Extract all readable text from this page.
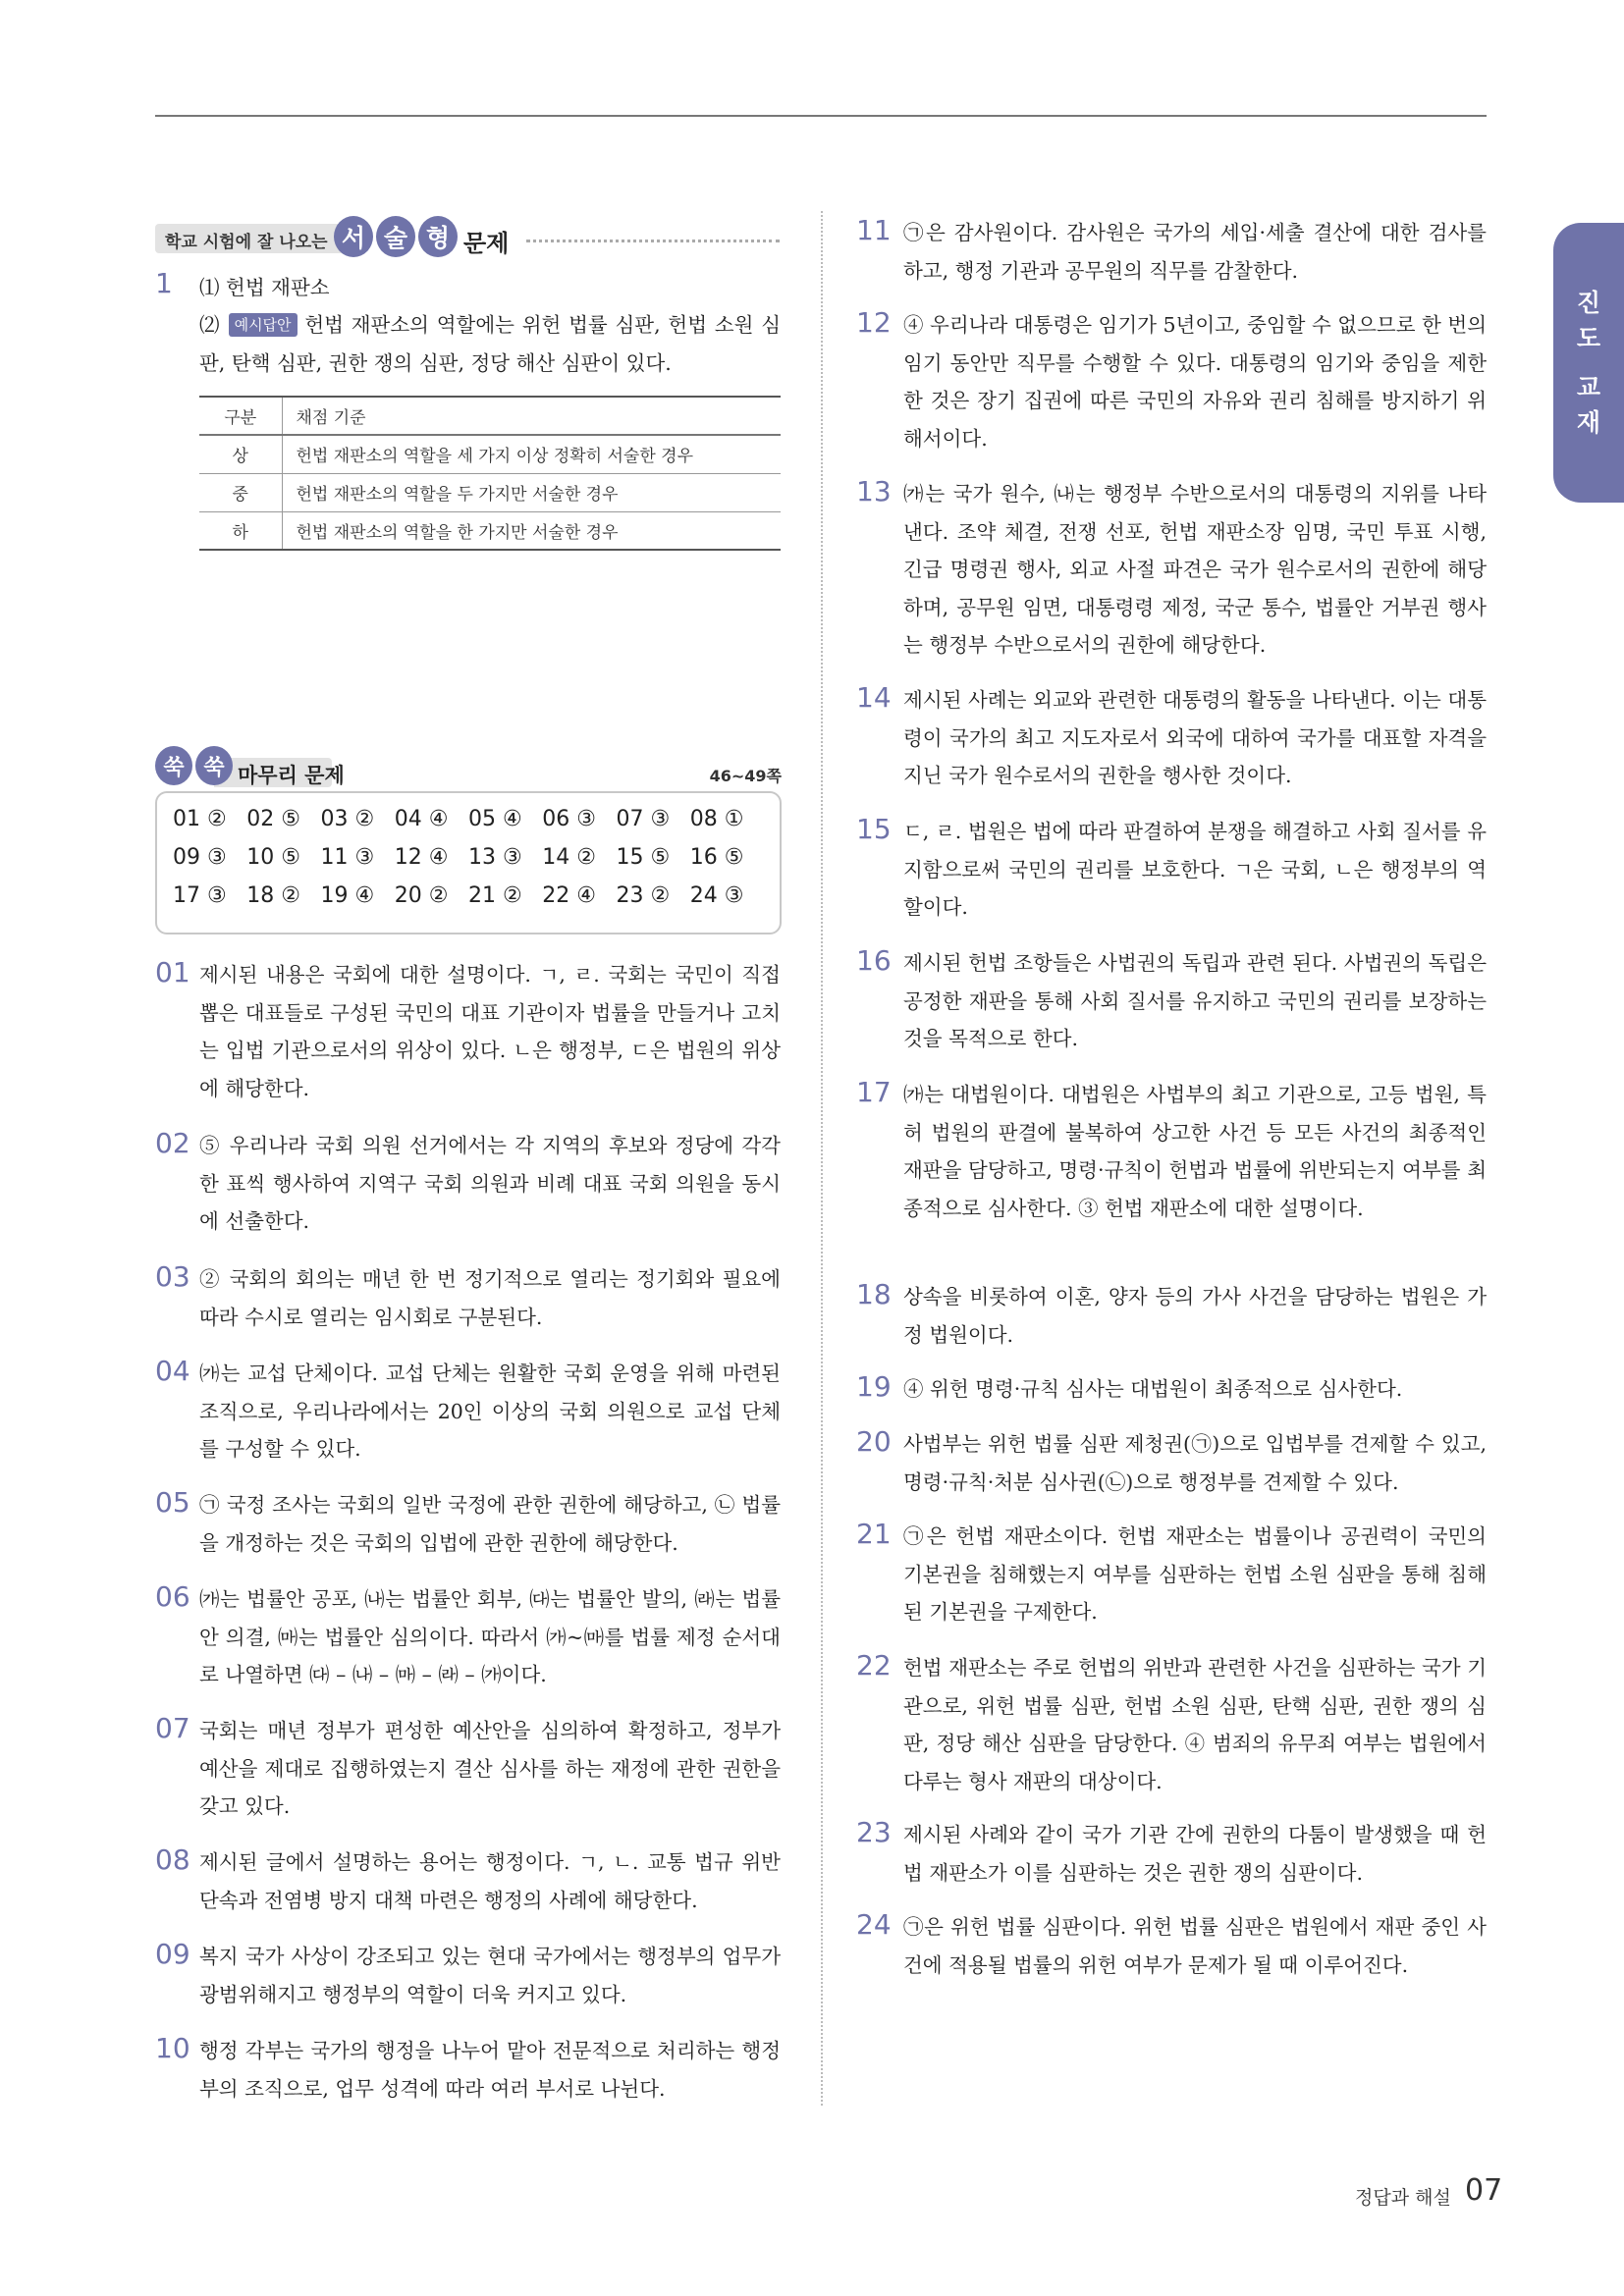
진
도
교
재
학교 시험에 잘 나오는 서 술 형 문제
1 ⑴ 헌법 재판소
⑵ 예시답안 헌법 재판소의 역할에는 위헌 법률 심판, 헌법 소원 심판, 탄핵 심판, 권한 쟁의 심판, 정당 해산 심판이 있다.
구분	채점 기준
상	헌법 재판소의 역할을 세 가지 이상 정확히 서술한 경우
중	헌법 재판소의 역할을 두 가지만 서술한 경우
하	헌법 재판소의 역할을 한 가지만 서술한 경우
쑥 쑥 마무리 문제	46~49쪽
01 ② 02 ⑤ 03 ② 04 ④ 05 ④ 06 ③ 07 ③ 08 ①
09 ③ 10 ⑤ 11 ③ 12 ④ 13 ③ 14 ② 15 ⑤ 16 ⑤
17 ③ 18 ② 19 ④ 20 ② 21 ② 22 ④ 23 ② 24 ③
01 제시된 내용은 국회에 대한 설명이다. ㄱ, ㄹ. 국회는 국민이 직접 뽑은 대표들로 구성된 국민의 대표 기관이자 법률을 만들거나 고치는 입법 기관으로서의 위상이 있다. ㄴ은 행정부, ㄷ은 법원의 위상에 해당한다.
02 ⑤ 우리나라 국회 의원 선거에서는 각 지역의 후보와 정당에 각각 한 표씩 행사하여 지역구 국회 의원과 비례 대표 국회 의원을 동시에 선출한다.
03 ② 국회의 회의는 매년 한 번 정기적으로 열리는 정기회와 필요에 따라 수시로 열리는 임시회로 구분된다.
04 ㈎는 교섭 단체이다. 교섭 단체는 원활한 국회 운영을 위해 마련된 조직으로, 우리나라에서는 20인 이상의 국회 의원으로 교섭 단체를 구성할 수 있다.
05 ㉠ 국정 조사는 국회의 일반 국정에 관한 권한에 해당하고, ㉡ 법률을 개정하는 것은 국회의 입법에 관한 권한에 해당한다.
06 ㈎는 법률안 공포, ㈏는 법률안 회부, ㈐는 법률안 발의, ㈑는 법률안 의결, ㈒는 법률안 심의이다. 따라서 ㈎~㈒를 법률 제정 순서대로 나열하면 ㈐ – ㈏ – ㈒ – ㈑ – ㈎이다.
07 국회는 매년 정부가 편성한 예산안을 심의하여 확정하고, 정부가 예산을 제대로 집행하였는지 결산 심사를 하는 재정에 관한 권한을 갖고 있다.
08 제시된 글에서 설명하는 용어는 행정이다. ㄱ, ㄴ. 교통 법규 위반 단속과 전염병 방지 대책 마련은 행정의 사례에 해당한다.
09 복지 국가 사상이 강조되고 있는 현대 국가에서는 행정부의 업무가 광범위해지고 행정부의 역할이 더욱 커지고 있다.
10 행정 각부는 국가의 행정을 나누어 맡아 전문적으로 처리하는 행정부의 조직으로, 업무 성격에 따라 여러 부서로 나뉜다.
11 ㉠은 감사원이다. 감사원은 국가의 세입·세출 결산에 대한 검사를 하고, 행정 기관과 공무원의 직무를 감찰한다.
12 ④ 우리나라 대통령은 임기가 5년이고, 중임할 수 없으므로 한 번의 임기 동안만 직무를 수행할 수 있다. 대통령의 임기와 중임을 제한한 것은 장기 집권에 따른 국민의 자유와 권리 침해를 방지하기 위해서이다.
13 ㈎는 국가 원수, ㈏는 행정부 수반으로서의 대통령의 지위를 나타낸다. 조약 체결, 전쟁 선포, 헌법 재판소장 임명, 국민 투표 시행, 긴급 명령권 행사, 외교 사절 파견은 국가 원수로서의 권한에 해당하며, 공무원 임면, 대통령령 제정, 국군 통수, 법률안 거부권 행사는 행정부 수반으로서의 권한에 해당한다.
14 제시된 사례는 외교와 관련한 대통령의 활동을 나타낸다. 이는 대통령이 국가의 최고 지도자로서 외국에 대하여 국가를 대표할 자격을 지닌 국가 원수로서의 권한을 행사한 것이다.
15 ㄷ, ㄹ. 법원은 법에 따라 판결하여 분쟁을 해결하고 사회 질서를 유지함으로써 국민의 권리를 보호한다. ㄱ은 국회, ㄴ은 행정부의 역할이다.
16 제시된 헌법 조항들은 사법권의 독립과 관련 된다. 사법권의 독립은 공정한 재판을 통해 사회 질서를 유지하고 국민의 권리를 보장하는 것을 목적으로 한다.
17 ㈎는 대법원이다. 대법원은 사법부의 최고 기관으로, 고등 법원, 특허 법원의 판결에 불복하여 상고한 사건 등 모든 사건의 최종적인 재판을 담당하고, 명령·규칙이 헌법과 법률에 위반되는지 여부를 최종적으로 심사한다. ③ 헌법 재판소에 대한 설명이다.
18 상속을 비롯하여 이혼, 양자 등의 가사 사건을 담당하는 법원은 가정 법원이다.
19 ④ 위헌 명령·규칙 심사는 대법원이 최종적으로 심사한다.
20 사법부는 위헌 법률 심판 제청권(㉠)으로 입법부를 견제할 수 있고, 명령·규칙·처분 심사권(㉡)으로 행정부를 견제할 수 있다.
21 ㉠은 헌법 재판소이다. 헌법 재판소는 법률이나 공권력이 국민의 기본권을 침해했는지 여부를 심판하는 헌법 소원 심판을 통해 침해된 기본권을 구제한다.
22 헌법 재판소는 주로 헌법의 위반과 관련한 사건을 심판하는 국가 기관으로, 위헌 법률 심판, 헌법 소원 심판, 탄핵 심판, 권한 쟁의 심판, 정당 해산 심판을 담당한다. ④ 범죄의 유무죄 여부는 법원에서 다루는 형사 재판의 대상이다.
23 제시된 사례와 같이 국가 기관 간에 권한의 다툼이 발생했을 때 헌법 재판소가 이를 심판하는 것은 권한 쟁의 심판이다.
24 ㉠은 위헌 법률 심판이다. 위헌 법률 심판은 법원에서 재판 중인 사건에 적용될 법률의 위헌 여부가 문제가 될 때 이루어진다.
정답과 해설 07
